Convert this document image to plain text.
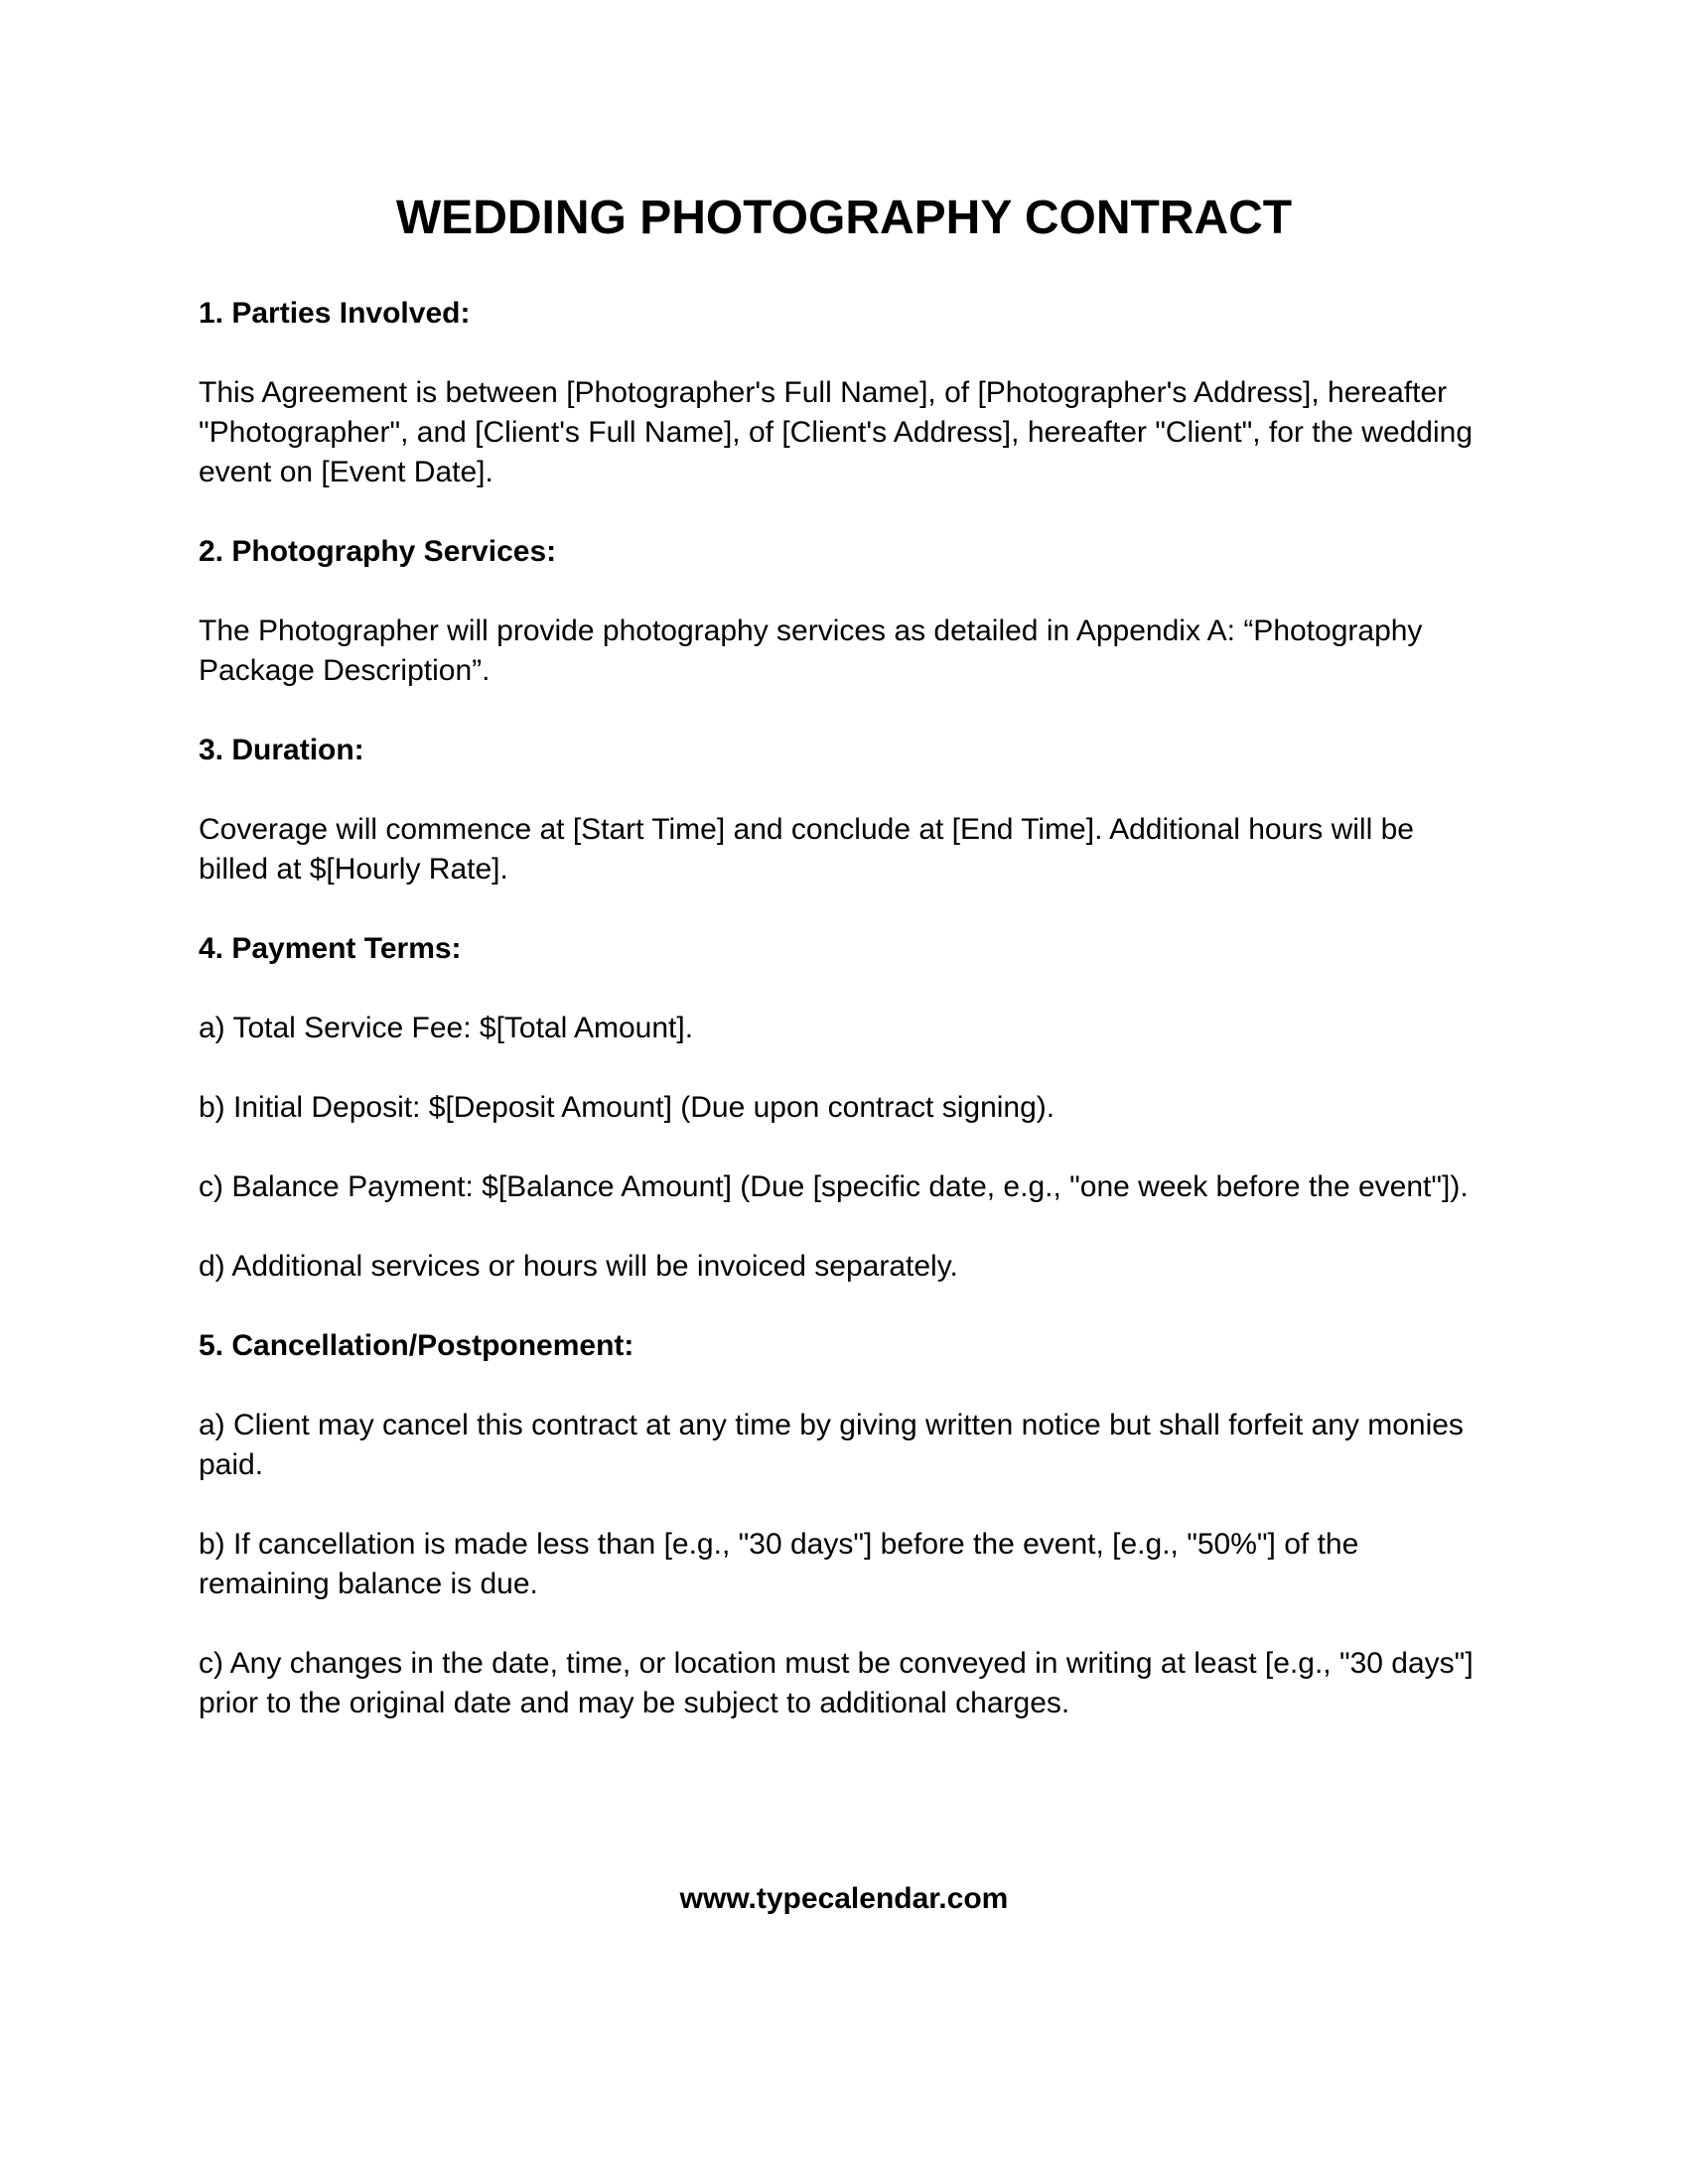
WEDDING PHOTOGRAPHY CONTRACT

1. Parties Involved:

This Agreement is between [Photographer's Full Name], of [Photographer's Address], hereafter "Photographer", and [Client's Full Name], of [Client's Address], hereafter "Client", for the wedding event on [Event Date].

2. Photography Services:

The Photographer will provide photography services as detailed in Appendix A: “Photography Package Description”.

3. Duration:

Coverage will commence at [Start Time] and conclude at [End Time]. Additional hours will be billed at $[Hourly Rate].

4. Payment Terms:

a) Total Service Fee: $[Total Amount].

b) Initial Deposit: $[Deposit Amount] (Due upon contract signing).

c) Balance Payment: $[Balance Amount] (Due [specific date, e.g., "one week before the event"]).

d) Additional services or hours will be invoiced separately.

5. Cancellation/Postponement:

a) Client may cancel this contract at any time by giving written notice but shall forfeit any monies paid.

b) If cancellation is made less than [e.g., "30 days"] before the event, [e.g., "50%"] of the remaining balance is due.

c) Any changes in the date, time, or location must be conveyed in writing at least [e.g., "30 days"] prior to the original date and may be subject to additional charges.

www.typecalendar.com
